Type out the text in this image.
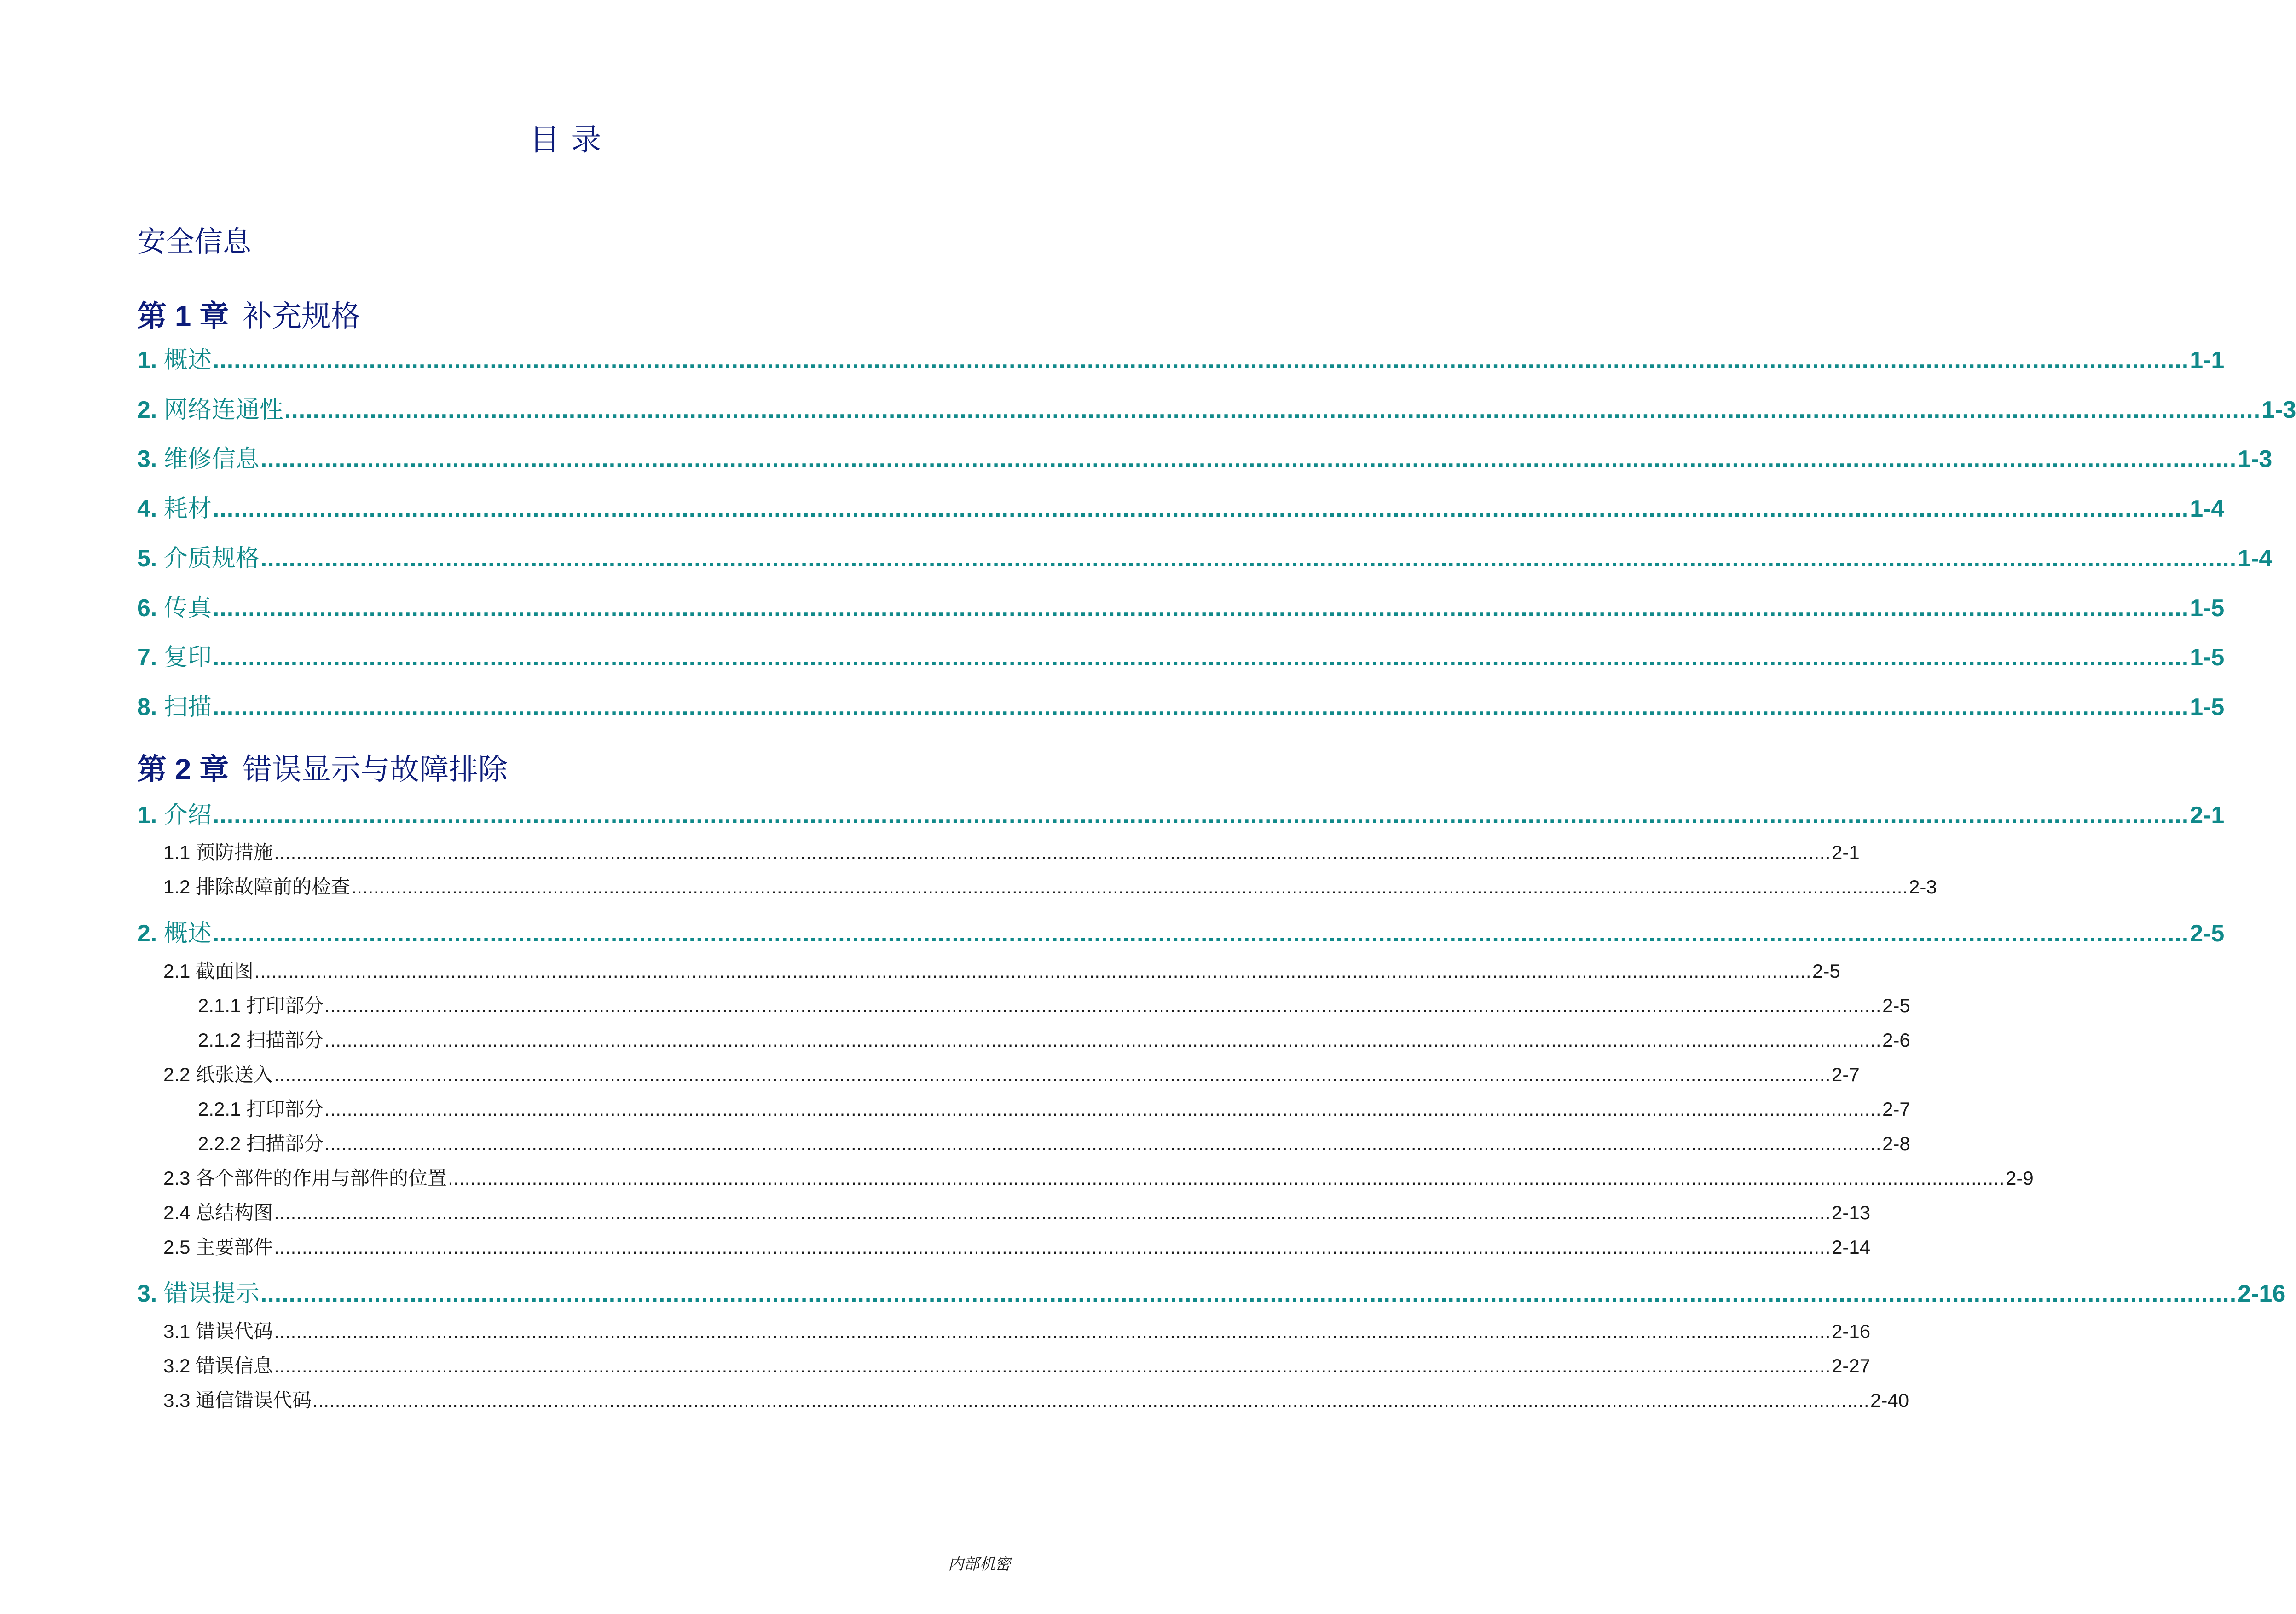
目录
安全信息
第 1 章 补充规格
1. 概述 ...................................................................................................................................................................................................................................................................................... 1-1
2. 网络连通性 ...................................................................................................................................................................................................................................................................................... 1-3
3. 维修信息 ...................................................................................................................................................................................................................................................................................... 1-3
4. 耗材 ...................................................................................................................................................................................................................................................................................... 1-4
5. 介质规格 ...................................................................................................................................................................................................................................................................................... 1-4
6. 传真 ...................................................................................................................................................................................................................................................................................... 1-5
7. 复印 ...................................................................................................................................................................................................................................................................................... 1-5
8. 扫描 ...................................................................................................................................................................................................................................................................................... 1-5
第 2 章 错误显示与故障排除
1. 介绍 ...................................................................................................................................................................................................................................................................................... 2-1
1.1 预防措施 ...................................................................................................................................................................................................................................................................................... 2-1
1.2 排除故障前的检查 ...................................................................................................................................................................................................................................................................................... 2-3
2. 概述 ...................................................................................................................................................................................................................................................................................... 2-5
2.1 截面图 ...................................................................................................................................................................................................................................................................................... 2-5
2.1.1 打印部分 ...................................................................................................................................................................................................................................................................................... 2-5
2.1.2 扫描部分 ...................................................................................................................................................................................................................................................................................... 2-6
2.2 纸张送入 ...................................................................................................................................................................................................................................................................................... 2-7
2.2.1 打印部分 ...................................................................................................................................................................................................................................................................................... 2-7
2.2.2 扫描部分 ...................................................................................................................................................................................................................................................................................... 2-8
2.3 各个部件的作用与部件的位置 ...................................................................................................................................................................................................................................................................................... 2-9
2.4 总结构图 ...................................................................................................................................................................................................................................................................................... 2-13
2.5 主要部件 ...................................................................................................................................................................................................................................................................................... 2-14
3. 错误提示 ...................................................................................................................................................................................................................................................................................... 2-16
3.1 错误代码 ...................................................................................................................................................................................................................................................................................... 2-16
3.2 错误信息 ...................................................................................................................................................................................................................................................................................... 2-27
3.3 通信错误代码 ...................................................................................................................................................................................................................................................................................... 2-40
内部机密
